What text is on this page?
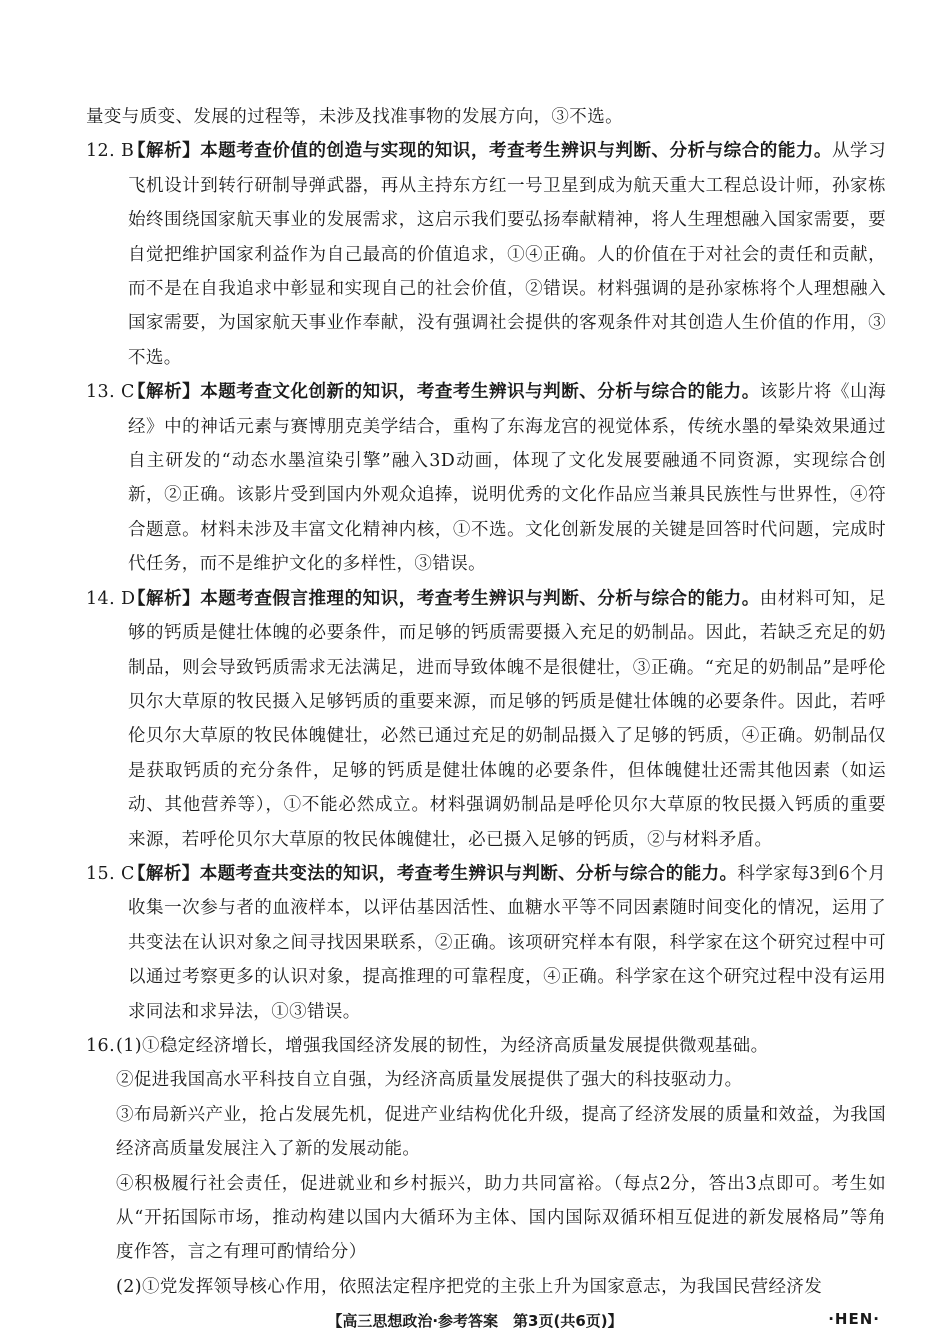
量变与质变、发展的过程等，未涉及找准事物的发展方向，③不选。

12. B
【解析】本题考查价值的创造与实现的知识，考查考生辨识与判断、分析与综合的能力。从学习飞机设计到转行研制导弹武器，再从主持东方红一号卫星到成为航天重大工程总设计师，孙家栋始终围绕国家航天事业的发展需求，这启示我们要弘扬奉献精神，将人生理想融入国家需要，要自觉把维护国家利益作为自己最高的价值追求，①④正确。人的价值在于对社会的责任和贡献，而不是在自我追求中彰显和实现自己的社会价值，②错误。材料强调的是孙家栋将个人理想融入国家需要，为国家航天事业作奉献，没有强调社会提供的客观条件对其创造人生价值的作用，③不选。
13. C
【解析】本题考查文化创新的知识，考查考生辨识与判断、分析与综合的能力。该影片将《山海经》中的神话元素与赛博朋克美学结合，重构了东海龙宫的视觉体系，传统水墨的晕染效果通过自主研发的“动态水墨渲染引擎”融入3D动画，体现了文化发展要融通不同资源，实现综合创新，②正确。该影片受到国内外观众追捧，说明优秀的文化作品应当兼具民族性与世界性，④符合题意。材料未涉及丰富文化精神内核，①不选。文化创新发展的关键是回答时代问题，完成时代任务，而不是维护文化的多样性，③错误。
14. D
【解析】本题考查假言推理的知识，考查考生辨识与判断、分析与综合的能力。由材料可知，足够的钙质是健壮体魄的必要条件，而足够的钙质需要摄入充足的奶制品。因此，若缺乏充足的奶制品，则会导致钙质需求无法满足，进而导致体魄不是很健壮，③正确。“充足的奶制品”是呼伦贝尔大草原的牧民摄入足够钙质的重要来源，而足够的钙质是健壮体魄的必要条件。因此，若呼伦贝尔大草原的牧民体魄健壮，必然已通过充足的奶制品摄入了足够的钙质，④正确。奶制品仅是获取钙质的充分条件，足够的钙质是健壮体魄的必要条件，但体魄健壮还需其他因素（如运动、其他营养等），①不能必然成立。材料强调奶制品是呼伦贝尔大草原的牧民摄入钙质的重要来源，若呼伦贝尔大草原的牧民体魄健壮，必已摄入足够的钙质，②与材料矛盾。
15. C
【解析】本题考查共变法的知识，考查考生辨识与判断、分析与综合的能力。科学家每3到6个月收集一次参与者的血液样本，以评估基因活性、血糖水平等不同因素随时间变化的情况，运用了共变法在认识对象之间寻找因果联系，②正确。该项研究样本有限，科学家在这个研究过程中可以通过考察更多的认识对象，提高推理的可靠程度，④正确。科学家在这个研究过程中没有运用求同法和求异法，①③错误。
16. (1)①稳定经济增长，增强我国经济发展的韧性，为经济高质量发展提供微观基础。

②促进我国高水平科技自立自强，为经济高质量发展提供了强大的科技驱动力。

③布局新兴产业，抢占发展先机，促进产业结构优化升级，提高了经济发展的质量和效益，为我国经济高质量发展注入了新的发展动能。

④积极履行社会责任，促进就业和乡村振兴，助力共同富裕。（每点2分，答出3点即可。考生如从“开拓国际市场，推动构建以国内大循环为主体、国内国际双循环相互促进的新发展格局”等角度作答，言之有理可酌情给分）

(2)①党发挥领导核心作用，依照法定程序把党的主张上升为国家意志，为我国民营经济发

【高三思想政治·参考答案　第3页(共6页)】	·HEN·
